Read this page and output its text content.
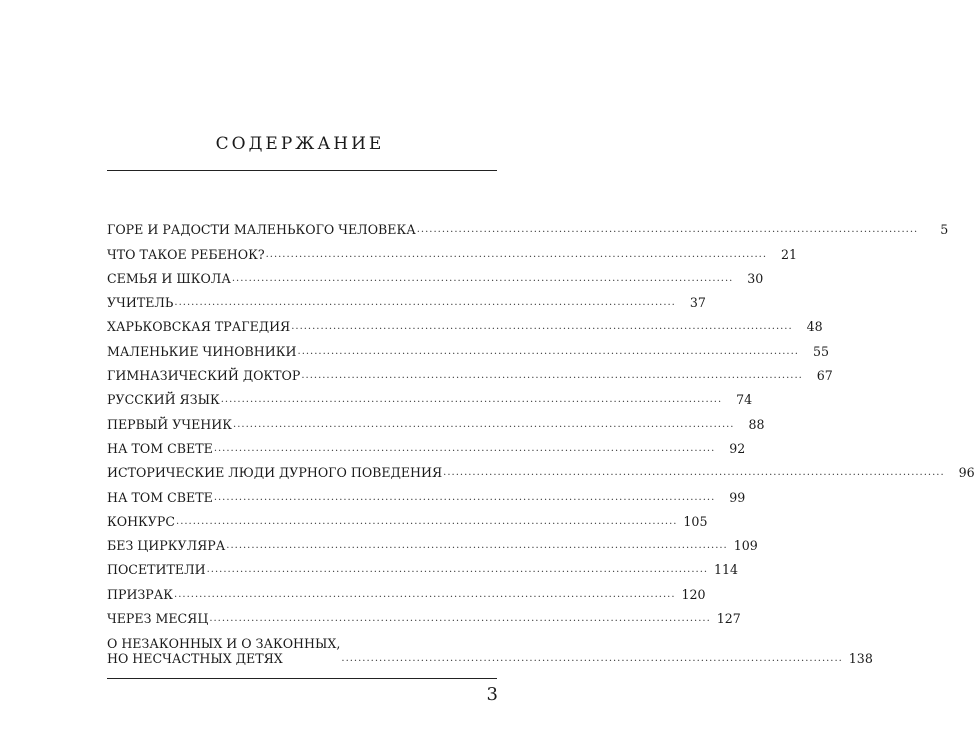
СОДЕРЖАНИЕ
ГОРЕ И РАДОСТИ МАЛЕНЬКОГО ЧЕЛОВЕКА ........................................................................................................................	5
ЧТО ТАКОЕ РЕБЕНОК? ........................................................................................................................	21
СЕМЬЯ И ШКОЛА ........................................................................................................................	30
УЧИТЕЛЬ ........................................................................................................................	37
ХАРЬКОВСКАЯ ТРАГЕДИЯ ........................................................................................................................	48
МАЛЕНЬКИЕ ЧИНОВНИКИ ........................................................................................................................	55
ГИМНАЗИЧЕСКИЙ ДОКТОР ........................................................................................................................	67
РУССКИЙ ЯЗЫК ........................................................................................................................	74
ПЕРВЫЙ УЧЕНИК ........................................................................................................................	88
НА ТОМ СВЕТЕ ........................................................................................................................	92
ИСТОРИЧЕСКИЕ ЛЮДИ ДУРНОГО ПОВЕДЕНИЯ ........................................................................................................................	96
НА ТОМ СВЕТЕ ........................................................................................................................	99
КОНКУРС ........................................................................................................................ 105
БЕЗ ЦИРКУЛЯРА ........................................................................................................................ 109
ПОСЕТИТЕЛИ ........................................................................................................................ 114
ПРИЗРАК ........................................................................................................................ 120
ЧЕРЕЗ МЕСЯЦ ........................................................................................................................ 127
О НЕЗАКОННЫХ И О ЗАКОННЫХ,
НО НЕСЧАСТНЫХ ДЕТЯХ	........................................................................................................................ 138
3
